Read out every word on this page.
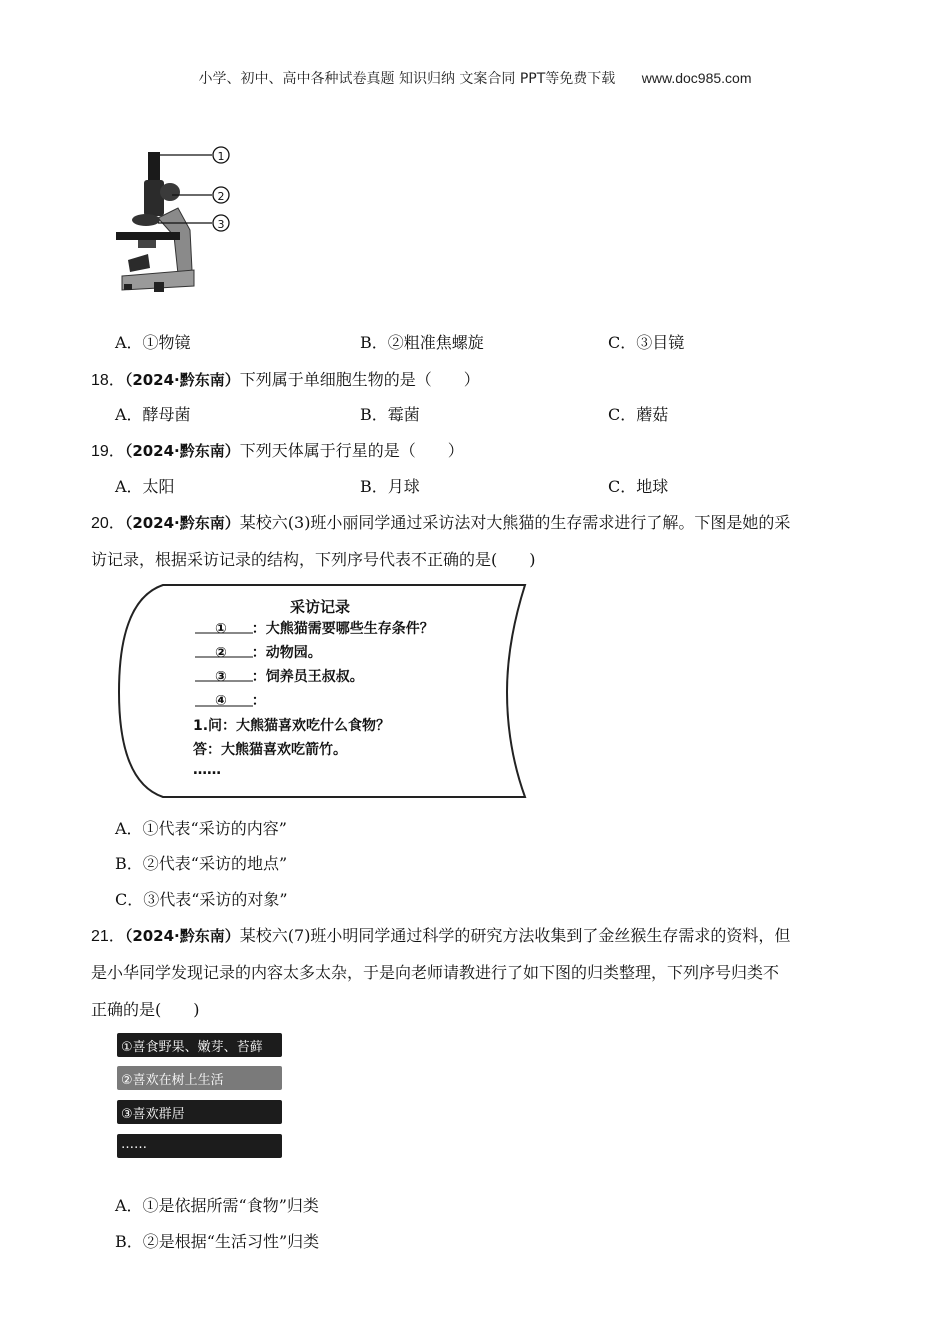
小学、初中、高中各种试卷真题 知识归纳 文案合同 PPT等免费下载 www.doc985.com
1
2
3
A．①物镜	B．②粗准焦螺旋	C．③目镜
18．（2024·黔东南）下列属于单细胞生物的是（　　）
A．酵母菌	B．霉菌	C．蘑菇
19．（2024·黔东南）下列天体属于行星的是（　　）
A．太阳	B．月球	C．地球
20．（2024·黔东南）某校六(3)班小丽同学通过采访法对大熊猫的生存需求进行了解。下图是她的采
访记录，根据采访记录的结构，下列序号代表不正确的是(　　)
采访记录
① ：大熊猫需要哪些生存条件？
② ：动物园。
③ ：饲养员王叔叔。
④ ：
1.问：大熊猫喜欢吃什么食物？
答：大熊猫喜欢吃箭竹。
……
A．①代表“采访的内容”
B．②代表“采访的地点”
C．③代表“采访的对象”
21．（2024·黔东南）某校六(7)班小明同学通过科学的研究方法收集到了金丝猴生存需求的资料，但
是小华同学发现记录的内容太多太杂，于是向老师请教进行了如下图的归类整理，下列序号归类不
正确的是(　　)
①喜食野果、嫩芽、苔藓
②喜欢在树上生活
③喜欢群居
……
A．①是依据所需“食物”归类
B．②是根据“生活习性”归类
